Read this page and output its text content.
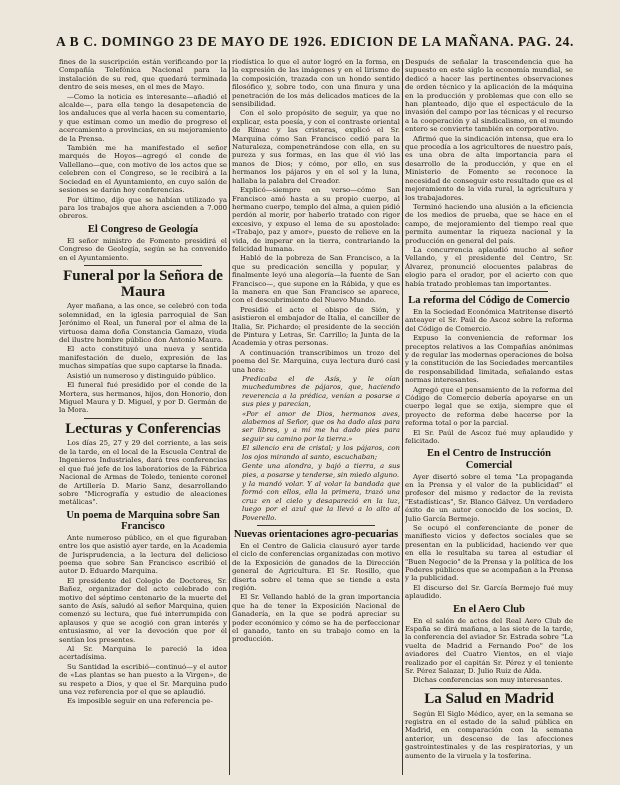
A B C. DOMINGO 23 DE MAYO DE 1926. EDICION DE LA MAÑANA. PAG. 24.

fines de la suscripción están verificando por la Compañía Telefónica Nacional para la instalación de su red, que quedará terminada dentro de seis meses, en el mes de Mayo.

—Como la noticia es interesante—añadió el alcalde—, para ella tengo la desapetencia de los andaluces que al verla hacen su comentario, y que estiman como un medio de progreso el acercamiento a provincias, en su mejoramiento de la Prensa.

También me ha manifestado el señor marqués de Hoyos—agregó el conde de Vallellano—que, con motivo de los actos que se celebren con el Congreso, se le recibirá a la Sociedad en el Ayuntamiento, en cuyo salón de sesiones se darán hoy conferencias.

Por último, dijo que se habían utilizado ya para los trabajos que ahora ascienden a 7.000 obreros.

El Congreso de Geología

El señor ministro de Fomento presidirá el Congreso de Geología, según se ha convenido en el Ayuntamiento.

Funeral por la Señora de Maura

Ayer mañana, a las once, se celebró con toda solemnidad, en la iglesia parroquial de San Jerónimo el Real, un funeral por el alma de la virtuosa dama doña Constancia Gamazo, viuda del ilustre hombre público don Antonio Maura.

El acto constituyó una nueva y sentida manifestación de duelo, expresión de las muchas simpatías que supo captarse la finada.

Asistió un numeroso y distinguido público.

El funeral fué presidido por el conde de la Mortera, sus hermanos, hijos, don Honorio, don Miguel Maura y D. Miguel, y por D. Germán de la Mora.

Lecturas y Conferencias

Los días 25, 27 y 29 del corriente, a las seis de la tarde, en el local de la Escuela Central de Ingenieros Industriales, dará tres conferencias el que fué jefe de los laboratorios de la Fábrica Nacional de Armas de Toledo, teniente coronel de Artillería D. Mario Sanz, desarrollando sobre "Micrografía y estudio de aleaciones metálicas".

Un poema de Marquina sobre San Francisco

Ante numeroso público, en el que figuraban entre los que asistió ayer tarde, en la Academia de Jurisprudencia, a la lectura del delicioso poema que sobre San Francisco escribió el autor D. Eduardo Marquina.

El presidente del Colegio de Doctores, Sr. Bañez, organizador del acto celebrado con motivo del séptimo centenario de la muerte del santo de Asís, saludó al señor Marquina, quien comenzó su lectura, que fué interrumpida con aplausos y que se acogió con gran interés y entusiasmo, al ver la devoción que por él sentían los presentes.

Al Sr. Marquina le pareció la idea acertadísima.

Su Santidad la escribió—continuó—y el autor de «Las plantas se han puesto a la Virgen», de su respeto a Dios, y que el Sr. Marquina pudo una vez referencia por el que se aplaudió.

Es imposible seguir en una referencia pe-

riodística lo que el autor logró en la forma, en la expresión de las imágenes y en el lirismo de la composición, trazada con un hondo sentido filosófico y, sobre todo, con una finura y una penetración de los más delicados matices de la sensibilidad.

Con el solo propósito de seguir, ya que no explicar, esta poesía, y con el contraste oriental de Rímac y las cristeras, explicó el Sr. Marquina cómo San Francisco cedió para la Naturaleza, compenetrándose con ella, en su pureza y sus formas, en las que él vió las manos de Dios; y cómo, por ello, en sus hermanos los pájaros y en el sol y la luna, hallaba la palabra del Creador.

Explicó—siempre en verso—cómo San Francisco amó hasta a su propio cuerpo, al hermano cuerpo, templo del alma, a quien pidió perdón al morir, por haberlo tratado con rigor excesivo, y expuso el lema de su apostolado: «Trabajo, paz y amor», puesto de relieve en la vida, de imperar en la tierra, contrariando la felicidad humana.

Habló de la pobreza de San Francisco, a la que su predicación sencilla y popular, y finalmente leyó una alegoría—la fuente de San Francisco—, que supone en la Rábida, y que es la manera en que San Francisco se aparece, con el descubrimiento del Nuevo Mundo.

Presidió el acto el obispo de Sión, y asistieron el embajador de Italia, el canciller de Italia, Sr. Pichardo; el presidente de la sección de Pintura y Letras, Sr. Carrillo; la Junta de la Academia y otras personas.

A continuación transcribimos un trozo del poema del Sr. Marquina, cuya lectura duró casi una hora:

Predicaba el de Asís, y le oían muchedumbres de pájaros, que, haciendo reverencia a la prédica, venían a posarse a sus pies y parecían,

«Por el amor de Dios, hermanos aves, alabemos al Señor, que os ha dado alas para ser libres, y a mí me ha dado pies para seguir su camino por la tierra.»

El silencio era de cristal; y los pájaros, con los ojos mirando al santo, escuchaban;

Gente una alondra, y bajó a tierra, a sus pies, a posarse y tenderse, sin miedo alguno.

y la mandó volar. Y al volar la bandada que formó con ellos, ella la primera, trazó una cruz en el cielo y desapareció en la luz, luego por el azul que la llevó a lo alto al Poverello.

Nuevas orientaciones agro-pecuarias

En el Centro de Galicia clausuró ayer tarde el ciclo de conferencias organizadas con motivo de la Exposición de ganados de la Dirección general de Agricultura. El Sr. Rosillo, que diserta sobre el tema que se tiende a esta región.

El Sr. Vellando habló de la gran importancia que ha de tener la Exposición Nacional de Ganadería, en la que se podrá apreciar su poder económico y cómo se ha de perfeccionar el ganado, tanto en su trabajo como en la producción.

Después de señalar la trascendencia que ha supuesto en este siglo la economía mundial, se dedicó a hacer las pertinentes observaciones de orden técnico y la aplicación de la máquina en la producción y problemas que con ello se han planteado, dijo que el espectáculo de la invasión del campo por las técnicas y el recurso a la cooperación y al sindicalismo, en el mundo entero se convierte también en corporativo.

Afirmó que la sindicación intensa, que era lo que procedía a los agricultores de nuestro país, es una obra de alta importancia para el desarrollo de la producción, y que en el Ministerio de Fomento se reconoce la necesidad de conseguir este resultado que es el mejoramiento de la vida rural, la agricultura y los trabajadores.

Terminó haciendo una alusión a la eficiencia de los medios de prueba, que se hace en el campo, de mejoramiento del tiempo real que permita aumentar la riqueza nacional y la producción en general del país.

La concurrencia aplaudió mucho al señor Vellando, y el presidente del Centro, Sr. Álvarez, pronunció elocuentes palabras de elogio para el orador, por el acierto con que había tratado problemas tan importantes.

La reforma del Código de Comercio

En la Sociedad Económica Matritense disertó anteayer el Sr. Paúl de Ascoz sobre la reforma del Código de Comercio.

Expuso la conveniencia de reformar los preceptos relativos a las Compañías anónimas y de regular las modernas operaciones de bolsa y la constitución de las Sociedades mercantiles de responsabilidad limitada, señalando estas normas interesantes.

Agregó que el pensamiento de la reforma del Código de Comercio debería apoyarse en un cuerpo legal que se exija, siempre que el proyecto de reforma debe hacerse por la reforma total o por la parcial.

El Sr. Paúl de Ascoz fué muy aplaudido y felicitado.

En el Centro de Instrucción Comercial

Ayer disertó sobre el tema "La propaganda en la Prensa y el valor de la publicidad" el profesor del mismo y redactor de la revista "Estadísticas", Sr. Blanco Gálvez. Un verdadero éxito de un autor conocido de los socios, D. Julio García Bermejo.

Se ocupó el conferenciante de poner de manifiesto vicios y defectos sociales que se presentan en la publicidad, haciendo ver que en ella le resultaba su tarea al estudiar el "Buen Negocio" de la Prensa y la política de los Poderes públicos que se acompañan a la Prensa y la publicidad.

El discurso del Sr. García Bermejo fué muy aplaudido.

En el Aero Club

En el salón de actos del Real Aero Club de España se dirá mañana, a las siete de la tarde, la conferencia del aviador Sr. Estrada sobre "La vuelta de Madrid a Fernando Poo" de los aviadores del Cuatro Vientos, en el viaje realizado por el capitán Sr. Pérez y el teniente Sr. Pérez Salazar, D. Julio Ruiz de Alda.

Dichas conferencias son muy interesantes.

La Salud en Madrid

Según El Siglo Médico, ayer, en la semana se registra en el estado de la salud pública en Madrid, en comparación con la semana anterior, un descenso de las afecciones gastrointestinales y de las respiratorias, y un aumento de la viruela y la tosferina.
